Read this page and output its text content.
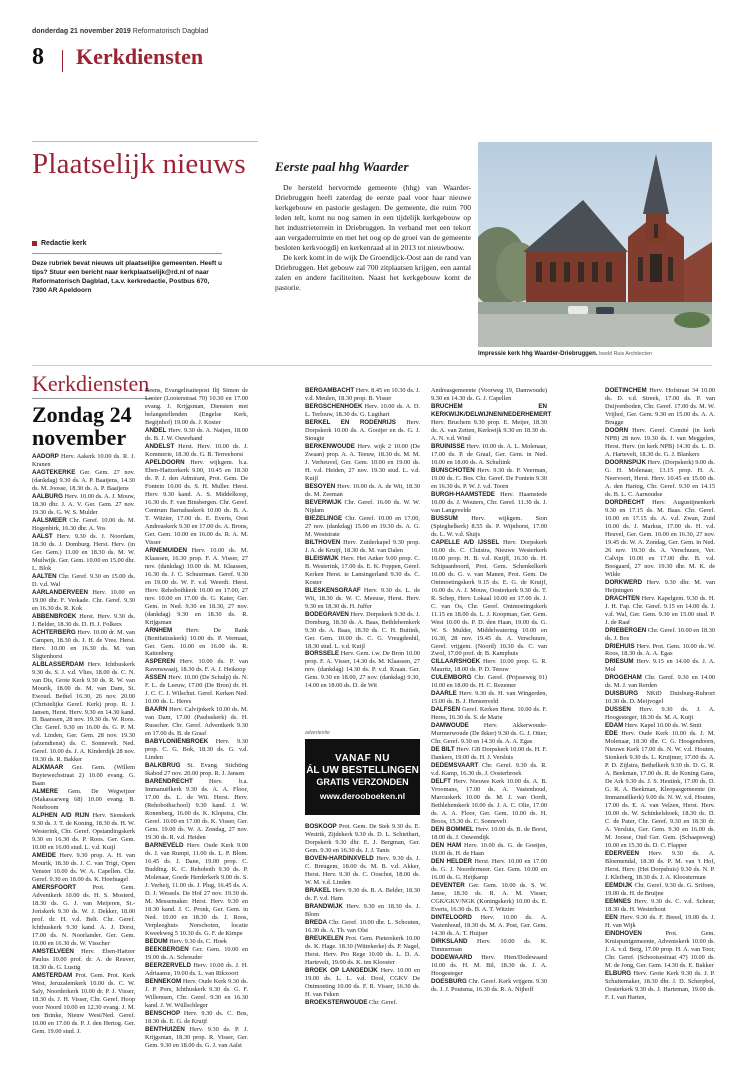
donderdag 21 november 2019 Reformatorisch Dagblad
8 Kerkdiensten
Plaatselijk nieuws
Redactie kerk
Deze rubriek bevat nieuws uit plaatselijke gemeenten. Heeft u tips? Stuur een bericht naar kerkplaatselijk@rd.nl of naar Reformatorisch Dagblad, t.a.v. kerkredactie, Postbus 670, 7300 AR Apeldoorn
Eerste paal hhg Waarder

De hersteld hervormde gemeente (hhg) van Waarder-Driebruggen heeft zaterdag de eerste paal voor haar nieuwe kerkgebouw en pastorie geslagen. De gemeente, die ruim 700 leden telt, komt nu nog samen in een tijdelijk kerkgebouw op het industrieterrein in Driebruggen. In verband met een tekort aan vergaderruimte en met het oog op de groei van de gemeente besloten kerkvoogdij en kerkenraad al in 2013 tot nieuwbouw.

De kerk komt in de wijk De Groendijck-Oost aan de rand van Driebruggen. Het gebouw zal 700 zitplaatsen krijgen, een aantal zalen en andere faciliteiten. Naast het kerkgebouw komt de pastorie.

Impressie kerk hhg Waarder-Driebruggen. beeld Ruis Architecten
Kerkdiensten
Zondag 24 november
AADORP Herv. Aakerk 10.00 ds. R. J. Kranen
AAGTEKERKE Ger. Gem. 27 nov. (dankdag) 9.30 ds. A. P. Baaijens, 14.30 ds. M. Joosse, 18.30 ds. A. P. Baaijens
AALBURG Herv. 10.00 ds. A. J. Mouw, 18.30 dhr. J. A. V. Ger. Gem. 27 nov. 19.30 ds. G. W. S. Mulder
AALSMEER Chr. Geref. 10.00 ds. M. Hogenbirk, 16.30 dhr. A. Vos
AALST Herv. 9.30 ds. J. Noordam, 18.30 ds. J. Domburg. Herst. Herv. (in Ger. Gem.) 11.00 en 18.30 ds. M. W. Muilwijk. Ger. Gem. 10.00 en 15.00 dhr. L. Blok
AALTEN Chr. Geref. 9.30 en 15.00 ds. D. v.d. Wal
AARLANDERVEEN Herv. 10.00 en 19.00 dhr. F. Verkade. Chr. Geref. 9.30 en 16.30 ds. R. Kok
ABBENBROEK Herst. Herv. 9.30 ds. J. Belder, 18.30 ds. D. H. J. Folkers
ACHTERBERG Herv. 10.00 dr. M. van Campen, 18.30 ds. J. H. de Vree. Herst. Herv. 10.00 en 16.30 ds. M. van Sligtenhorst
ALBLASSERDAM Herv. Ichthuskerk 9.30 ds. S. J. v.d. Vlies, 18.00 ds. C. N. van Dis, Grote Kerk 9.30 ds. R. W. van Mourik, 18.00 ds. M. van Dam, St. Ewoud. Bethel 16.30, 26 nov. 20.00 (Christelijke Geref. Kerk) prop. R. J. Jansen, Herst. Herv. 9.30 en 14.30 kand. D. Baarssen, 28 nov. 19.30 ds. W. Roos. Chr. Geref. 9.30 en 16.00 ds. G. P. M. v.d. Linden, Ger. Gem. 28 nov. 19.30 (afzendienst) ds. C. Sonnevelt. Ned. Geref. 10.00 ds. J. A. Kinderdijk 28 nov. 19.30 ds. R. Bakker
ALKMAAR Ger. Gem. (Willem Buytewechstraat 2) 10.00 evang. G. Baan
ALMERE Gem. De Wegwijzer (Makassarweg 68) 10.00 evang. B. Noteboom
ALPHEN A/D RIJN Herv. Sionskerk 9.30 ds. J. T. de Koning, 18.30 ds. H. W. Westerink, Chr. Geref. Opstandingskerk 9.30 en 16.30 ds. P. Roos. Ger. Gem. 10.00 en 16.00 stud. L. v.d. Kuijl
AMEIDE Herv. 9.30 prop. A. H. van Mourik, 18.30 ds. J. C. van Trigt, Open Venster 10.00 ds. W. A. Capellen. Chr. Geref. 9.30 en 18.00 ds. K. Hoefnagel
AMERSFOORT	Prot. Gem. Adventkerk 10.00 ds. H. S. Mosterd, 18.30 ds. G. J. van Meijeren, St.-Joriskerk 9.30 ds. W. J. Dekker, 18.00 prof. dr. H. v.d. Belt. Chr. Geref. Ichthuskerk 9.30 kand. A. J. Dorst, 17.00 ds. N. Noorlander. Ger. Gem. 10.00 en 16.30 ds. W. Visscher
AMSTELVEEN Herv. Eben-Haëzer Paulus 10.00 prof. dr. A. de Reuver, 18.30 ds. G. Lustig
AMSTERDAM Prot. Gem. Prot. Kerk West, Jeruzalemkerk 10.00 ds. C. W. Saly, Noorderkerk 10.00 dr. P. J. Visser, 18.30 ds. J. H. Visser, Chr. Geref. Hoop voor Noord 10.00 en 12.30 evang. J. M. ten Brinke, Nieuw West/Ned. Geref. 10.00 en 17.00 ds. P. J. den Hertog. Ger. Gem. 19.00 stud. J.
Beens, Evangelisatiepost Ilij Simon de Looier (Looierstraat 70) 10.30 en 17.00 evang. J. Krijgsman, Diensten met belangstellenden (Engelse Kerk, Begijnhof) 19.00 ds. J. Koster
ANDEL Herv. 9.30 ds. A. Naijen, 18.00 ds. B. J. W. Ouwehand
ANDELST Herst. Herv. 10.00 ds. J. Kommerie, 18.30 ds. G. B. Terreehorst
APELDOORN Herv. wijkgem. b.a. Eben-Haëzerkerk 9.00, 10.45 en 18.30 ds. P. J. den Admirant, Prot. Gem. De Fontein 10.00 ds. S. H. Muller. Herst. Herv. 9.30 kand. A. S. Middelkoop, 16.30 ds. F. van Binsbergen. Chr. Geref. Centrum Barnabaskerk 10.00 ds. B. A. T. Witzier, 17.00 ds. E. Everts, Oost Andreaskerk 9.30 en 17.00 ds. A. Brons, Ger. Gem. 10.00 en 16.00 ds. R. A. M. Visser
ARNEMUIDEN Herv. 10.00 ds. M. Klaassen, 16.30 prop. F. A. Visser, 27 nov. (dankdag) 10.00 ds. M. Klaassen, 16.30 ds. J. C. Schuurman. Geref. 9.30 en 19.00 ds. W. F. v.d. Weerdt. Herst. Herv. Rehobothkerk 10.00 en 17.00, 27 nov. 10.00 en 17.00 ds. G. Kater, Ger. Gem. in Ned. 9.30 en 18.30, 27 nov. (dankdag) 9.30 en 18.30 ds. R. Krijgsman
ARNHEM Herv. De Rank (Bonifatiuskerk) 10.00 ds. P. Vermaat, Ger. Gem. 10.00 en 16.00 ds. R. Kattenberg
ASPEREN Herv. 10.00 ds. P. van Ravenswaaij, 18.30 ds. F. A. J. Heikoop
ASSEN Herv. 10.00 (De Schulp) ds. N. F. L. de Leeuw, 17.00 (De Bron) dr. H. J. C. C. J. Wilschut. Geref. Kerken Ned. 10.00 ds. L. Heres
BAARN Herv. Calvijnkerk 10.00 ds. M. van Dam, 17.00 (Pauluskerk) ds. H. Russcher. Chr. Geref. Adventkerk 9.30 en 17.00 ds. B. de Graaf
BABYLONIËNBROEK Herv. 9.30 prop. C. G. Bok, 18.30 ds. G. v.d. Linden
BALKBRUG St. Evang. Stichting Ikabod 27 nov. 20.00 prop. R. J. Jansen
BARENDRECHT	Herv. b.a. Immanuëlkerk 9.30 ds. A. A. Floor, 17.00 ds. L. de Wit. Herst. Herv. (Rehobothschool) 9.30 kand. J. W. Ronenberg, 16.00 ds. K. Klopstra, Chr. Geref. 10.00 en 17.00 ds. K. Visser, Ger. Gem. 19.00 ds. W. A. Zondag, 27 nov. 19.30 ds. R. v.d. Heiden
BARNEVELD Herv. Oude Kerk 9.00 ds. J. van Rumpt, 11.00 ds. L. P. Blom. 16.45 ds. J. Dane, 19.00 prop. C. Budding. K. C. Rehoboth 9.30 ds. P. Molenaar, Goede Herderkerk 9.00 ds. S. J. Verheij, 11.00 ds. J. Plug, 16.45 ds. A. D. J. Wessels. De Hof 27 nov. 19.30 ds. M. Messemaker. Herst. Herv. 9.30 en 18.30 kand. J. C. Pronk, Ger. Gem. in Ned. 10.00 en 18.30 ds. J. Roos, Verpleeghuis Norschoten, locatie Kweekweg 5 10.30 ds. G. F. de Kimpe
BEDUM Herv. 9.30 ds. C. Hoek
BEEKBERGEN Ger. Gem. 10.00 en 19.00 ds. A. Schreuder
BEERZERVELD Herv. 10.00 ds. J. H. Adriaanse, 19.00 ds. L. van Rikxoort
BENNEKOM Herv. Oude Kerk 9.30 ds. J. P. Pors, Ichthuskerk 9.30 ds. G. F. Willemsen, Chr. Geref. 9.30 en 16.30 kand. J. W. Wüllschleger
BENSCHOP Herv. 9.30 ds. C. Bos, 18.30 ds. E. G. de Kruijf
BENTHUIZEN Herv. 9.30 ds. P. J. Krijgsman, 18.30 prop. R. Visser, Ger. Gem. 9.30 en 18.00 ds. G. J. van Aalst
BERGAMBACHT Herv. 8.45 en 10.30 ds. J. v.d. Meulen, 18.30 prop. B. Visser
BERGSCHENHOEK Herv. 10.00 ds. A. D. L. Terlouw, 18.30 ds. G. Lugthart
BERKEL EN RODENRIJS Herv. Dorpskerk 10.00 ds. A. Gooijer en ds. G. J. Stougie
BERKENWOUDE Herv. wijk 2 10.00 (De Zwaan) prop. A. A. Teeuw, 18.30 ds. M. M. J. Verheuvel, Ger. Gem. 10.00 en 19.00 ds. H. v.d. Heiden, 27 nov. 19.30 stud. L. v.d. Kuijl
BESOYEN Herv. 10.00 ds. A. de Wit, 18.30 ds. M. Zeeman
BEVERWIJK Chr. Geref. 16.00 ds. W. W. Nijdam
BIEZELINGE Chr. Geref. 10.00 en 17.00, 27 nov. (dankdag) 15.00 en 19.30 ds. A. G. M. Weststrate
BILTHOVEN Herv. Zuiderkapel 9.30 prop. J. A. de Kruijf, 18.30 ds. M. van Dalen
BLEISWIJK Herv. Het Anker 9.00 prop. C. B. Westerink, 17.00 ds. E. K. Foppen, Geref. Kerken Herst. te Lansingerland 9.30 ds. C. Koster
BLESKENSGRAAF Herv. 9.30 ds. L. de Wit, 18.30 ds. W. C. Meeuse, Herst. Herv. 9.30 en 18.30 ds. H. Juffer
BODEGRAVEN Herv. Dorpskerk 9.30 ds. J. Domburg, 18.30 ds. A. Baas, Bethlehemkerk 9.30 ds. A. Baas, 18.30 ds. C. H. Buitink, Ger. Gem. 10.00 ds. C. G. Vreugdenhil, 18.30 stud. L. v.d. Kuijl
BORSSELE Herv. Gem. i.w. De Bron 10.00 prop. F. A. Visser, 14.30 ds. M. Klaassen, 27 nov. (dankdag) 14.30 ds. P. v.d. Kraan. Ger. Gem. 9.30 en 18.00, 27 nov. (dankdag) 9.30, 14.00 en 18.00 ds. D. de Wit
advertentie
VANAF NU
ÁL UW BESTELLINGEN
GRATIS VERZONDEN
www.derooboeken.nl
BOSKOOP Prot. Gem. De Stek 9.30 ds. E. Westrik, Zijdekerk 9.30 ds. D. L. Schiethart, Dorpskerk 9.30 dhr. E. J. Bergman, Ger. Gem. 9.30 en 16.30 ds. J. J. Tanis
BOVEN-HARDINXVELD Herv. 9.30 ds. J. C. Breugem, 18.00 ds. M. B. v.d. Akker, Herst. Herv. 9.30 ds. C. Ooschot, 18.00 ds. W. M. v.d. Linden
BRAKEL Herv. 9.30 ds. B. A. Belder, 18.30 ds. F. v.d. Ham
BRANDWIJK Herv. 9.30 en 18.30 ds. J. Blom
BREDA Chr. Geref. 10.00 dhr. L. Schouten, 16.30 ds. A. Th. van Olst
BREUKELEN Prot. Gem. Pieterskerk 10.00 ds. K. Hage. 18.30 (Wittekerke) ds. P. Nagel, Herst. Herv. Pro Rege 10.00 ds. L. D. A. Hartevelt, 19.00 ds. K. ten Klooster
BROEK OP LANGEDIJK Herv. 10.00 en 19.00 ds. L. L. v.d. Dool, CGKV De Ontmoeting 10.00 ds. F. R. Visser, 16.30 ds. H. van Feken
BROEKSTERWOUDE Chr. Geref.
Andreasgemeente (Voorweg 19, Damwoude) 9.30 en 14.30 ds. G. J. Capellen
BRUCHEM EN KERKWIJK/DELWIJNEN/NEDERHEMERT Herv. Bruchem 9.30 prop. E. Meijer, 18.30 ds. A. van Zetten, Kerkwijk 9.30 en 18.30 ds. A. N. v.d. Wind
BRUINISSE Herv. 10.00 ds. A. L. Molenaar, 17.00 ds. P. de Graaf, Ger. Gem. in Ned. 10.00 en 18.00 ds. A. Schultink
BUNSCHOTEN Herv. 9.30 ds. P. Veerman, 19.00 ds. C. Bos. Chr. Geref. De Fontein 9.30 en 16.30 ds. P. W. J. v.d. Toorn
BURGH-HAAMSTEDE Herv. Haamstede 10.00 ds. J. Wouters, Chr. Geref. 11.30 ds. J. van Langevelde
BUSSUM Herv. wijkgem. Sion (Spieghelkerk) 8.55 ds. P. Wijnhorst, 17.00 ds. L. W. v.d. Sluijs
CAPELLE A/D IJSSEL Herv. Dorpskerk 10.00 ds. C. Cluistra, Nieuwe Westerkerk 10.00 prop. H. B. v.d. Knijff, 16.30 ds. H. Schipaanboord, Prot. Gem. Schenkelkerk 10.00 ds. G. v. van Manen, Prot. Gem. De Ontmoetingskerk 9.15 ds. E. G. de Kruijf, 16.00 ds. A. J. Mouw, Oosterkerk 9.30 ds. T. R. Schep, Herv. Lokaal 10.00 en 17.00 ds. J. C. van Os, Chr. Geref. Ontmoetingskerk 11.15 en 18.00 ds. L. J. Koopman, Ger. Gem. West 10.00 ds. P. D. den Haan, 19.00 ds. G. W. S. Mulder, Middelwatering 10.00 en 16.30, 28 nov. 19.45 ds. A. Verschuure, Geref. vrijgem. (Noord) 10.30 ds. C. van Zwol, 17.00 prof. dr. B. Kamphuis
CILLAARSHOEK Herv. 10.00 prop. G. R. Mauritz, 18.00 ds. P. D. Teeuw
CULEMBORG Chr. Geref. (Prijsseweg 91) 10.00 en 18.00 ds. H. C. Rezemer
DAARLE Herv. 9.30 ds. H. van Wingerden, 15.00 ds. B. J. Hensenveld
DALFSEN Geref. Kerken Herst. 10.00 ds. F. Heres, 16.30 ds. S. de Marie
DAMWOUDE Herv. Akkerwoude-Murmerwoude (De Ikker) 9.30 ds. G. J. Otter, Chr. Geref. 9.30 en 14.30 ds. A. A. Egas
DE BILT Herv. GB Dorpskerk 10.00 ds. H. F. Dankers, 19.00 ds. H. J. Versluis
DEDEMSVAART Chr. Geref. 9.30 ds. R. v.d. Kamp, 16.30 ds. J. Oosterbroek
DELFT Herv. Nieuwe Kerk 10.00 ds. A. B. Vroomans, 17.00 ds. A. Vastenhoud, Marcuskerk 10.00 ds. M. J. van Oordt, Bethlehemkerk 10.00 ds. J. A. C. Olie, 17.00 ds. A. A. Floor, Ger. Gem. 10.00 ds. H. Broos, 15.30 ds. C. Sonnevelt
DEN BOMMEL Herv. 10.00 ds. B. de Borst, 18.00 ds. J. Ouwendijk
DEN HAM Herv. 10.00 ds. G. de Goeijen, 19.00 ds. H. de Haan
DEN HELDER Herst. Herv. 10.00 en 17.00 ds. G. J. Noordermeer. Ger. Gem. 10.00 en 16.00 ds. G. Heijkamp
DEVENTER Ger. Gem. 10.00 ds. S. W. Janse, 18.30 ds. R. A. M. Visser, CGK/GKV/NGK (Koningskerk) 10.00 ds. E. Everts, 16.30 ds. B. A. T. Witzier
DINTELOORD Herv. 10.00 ds. A. Vastenhoud, 18.30 ds. M. A. Post, Ger. Gem. 14.30 ds. A. T. Huijser
DIRKSLAND Herv. 10.00 ds. K. Timmerman
DODEWAARD Herv. Hien/Dodewaard 10.00 ds. H. M. Bil, 18.30 ds. J. A. Hoogesteger
DOESBURG Chr. Geref. Kerk vrijgem. 9.30 ds. J. J. Poutsma, 16.30 ds. R. A. Nijhoff
DOETINCHEM Herv. Hofstraat 34 10.00 ds. D. v.d. Streek, 17.00 ds. P. van Duijvenboden, Chr. Geref. 17.00 ds. M. W. Vrijhof, Ger. Gem. 9.30 en 15.00 ds. A. A. Brugge
DOORN Herv. Geref. Comité (in kerk NPB) 28 nov. 19.30 ds. J. van Meggelen, Herst. Herv. (in kerk NPB) 14.30 ds. L. D. A. Hartevelt, 18.30 ds. G. J. Blankers
DOORNSPIJK Herv. (Dorpskerk) 9.00 ds. G. H. Molenaar, 13.15 prop. H. A. Neervoort, Herst. Herv. 10.45 en 15.00 ds. A. den Hartog, Chr. Geref. 9.30 en 14.15 ds. B. L. C. Aarnoudse
DORDRECHT Herv. Augustijnenkerk 9.30 en 17.15 ds. M. Baas. Chr. Geref. 10.00 en 17.15 ds. A. v.d. Zwan, Zuid 10.00 ds. J. Markus, 17.00 ds. H. v.d. Heuvel, Ger. Gem. 10.00 en 16.30, 27 nov. 19.45 ds. W. A. Zondag, Ger. Gem. in Ned. 26 nov. 19.30 ds. A. Verschuure, Ver. Calvijn 10.00 en 17.00 dhr. B. v.d. Boogaard, 27 nov. 19.30 dhr. M. K. de Wilde
DORKWERD Herv. 9.30 dhr. M. van Heijningen
DRACHTEN Herv. Kapelgem. 9.30 ds. H. J. H. Fap. Chr. Geref. 9.15 en 14.00 ds. J. v.d. Wal, Ger. Gem. 9.30 en 15.00 stud. P. J. de Raaf
DRIEBERGEN Chr. Geref. 10.00 en 18.30 ds. J. Bos
DRIEHUIS Herv. Prot. Gem. 10.00 ds. W. Roos, 18.30 ds. A. A. Egas
DRIESUM Herv. 9.15 en 14.00 ds. J. A. Mol
DROGEHAM Chr. Geref. 9.30 en 14.00 ds. M. J. van Rerden
DUISBURG NKiD Duisburg-Ruhrort 10.30 ds. D. Meijvogel
DUSSEN Herv. 9.30 ds. J. A. Hoogesteger, 18.30 ds. M. A. Kuijt
EDAM Herv. Kapel 10.00 ds. W. Smit
EDE Herv. Oude Kerk 10.00 ds. J. M. Molenaar, 18.30 dhr. C. G. Hoogendoorn, Nieuwe Kerk 17.00 ds. N. W. v.d. Houten, Sionkerk 9.30 ds. L. Kruijmer, 17.00 ds. A. P. D. Zijlstra, Bethelkerk 9.30 ds. D. G. R. A. Beekman, 17.00 ds. R. de Koning Gans, De Ark 9.30 ds. J. S. Heutink, 17.00 ds. D. G. R. A. Beekman, Kleopasgemeente (in Immanuëlkerk) 9.00 ds. N. W. v.d. Houten, 17.00 ds. E. A. van Velzen, Herst. Herv. 10.00 ds. W. Schinkelshoek, 18.30 ds. D. C. de Pater, Chr. Geref. 9.30 en 18.30 dr. A. Versluis, Ger. Gem. 9.30 en 16.00 ds. M. Joosse, Oud Ger. Gem. (Schaapsweg) 10.00 en 15.30 ds. D. C. Flapper
EDERVEEN Herv. 9.30 ds. A. Bloemendal, 18.30 ds. P. M. van 't Hof, Herst. Herv. (Het Dorpshuis) 9.30 ds. N. P. J. Kleiberg, 18.30 ds. J. A. Kloosterman
EEMDIJK Chr. Geref. 9.30 ds. G. Srifoen, 19.00 ds. H. de Bruijne
EEMNES Herv. 9.30 ds. C. v.d. Scheur, 18.30 ds. H. Westerhout
EEN Herv. 9.30 ds. F. Breed, 19.00 ds. J. H. van Wijk
EINDHOVEN	Prot. Gem. Kruispuntgemeente, Adventskerk 10.00 ds. J. A. v.d. Berg, 17.00 prop. H. A. van Toor, Chr. Geref. (Schootsestraat 47) 10.00 ds. M. de Jong, Ger. Gem. 14.30 ds. E. Bakker
ELBURG Herv. Grote Kerk 9.30 ds. J. P. Schuitemaker, 18.30 dhr. J. D. Scherpbol, Oosterkerk 9.30 ds. J. Harteman, 19.00 ds. F. J. van Harten,
